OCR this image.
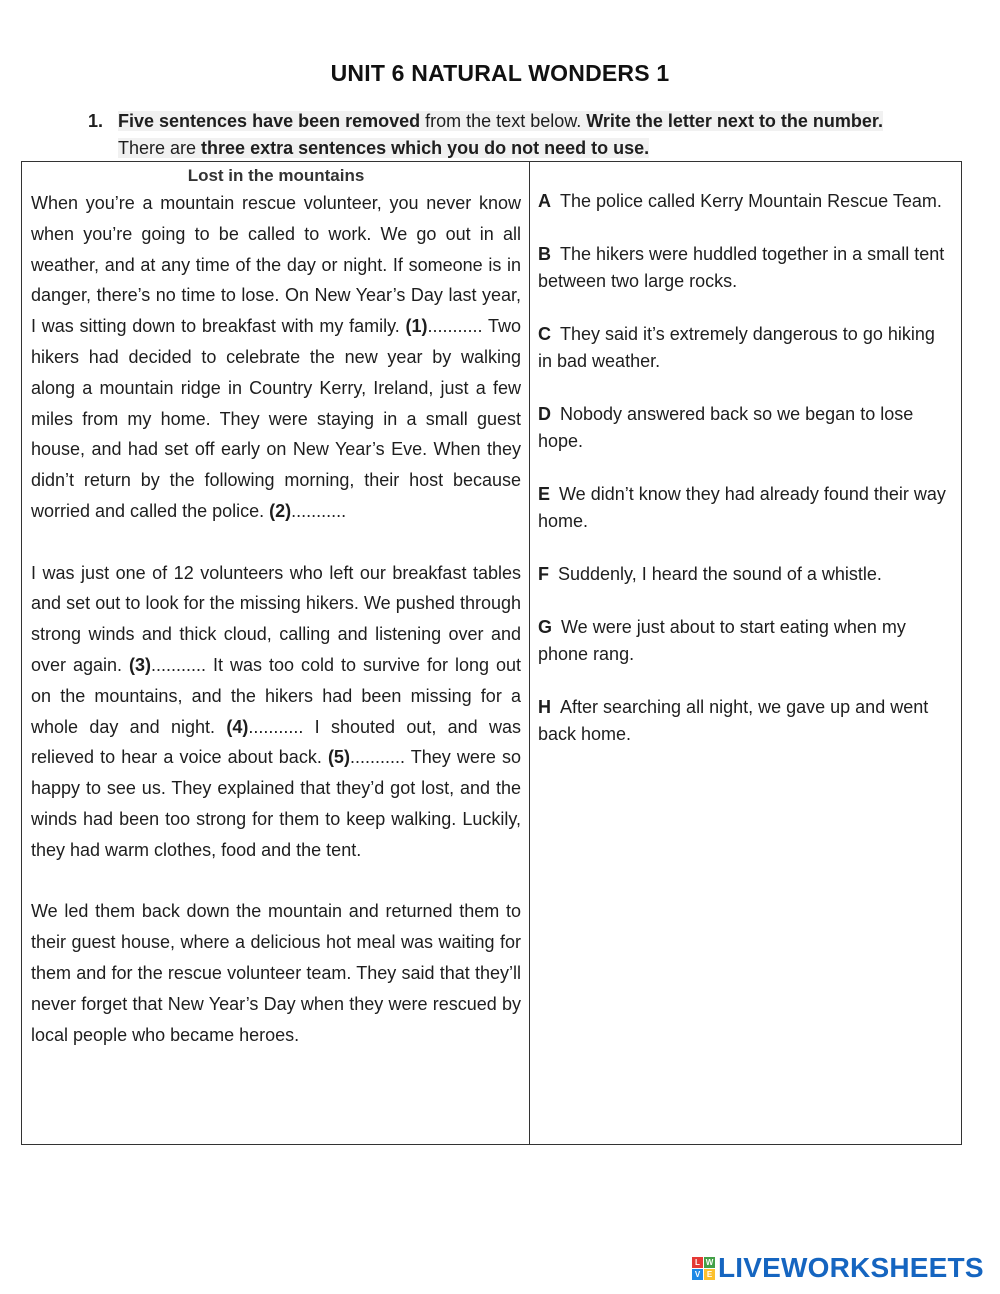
UNIT 6 NATURAL WONDERS 1
1. Five sentences have been removed from the text below. Write the letter next to the number.
There are three extra sentences which you do not need to use.
Lost in the mountains

When you’re a mountain rescue volunteer, you never know when you’re going to be called to work. We go out in all weather, and at any time of the day or night. If someone is in danger, there’s no time to lose. On New Year’s Day last year, I was sitting down to breakfast with my family. (1)........... Two hikers had decided to celebrate the new year by walking along a mountain ridge in Country Kerry, Ireland, just a few miles from my home. They were staying in a small guest house, and had set off early on New Year’s Eve. When they didn’t return by the following morning, their host because worried and called the police. (2)...........

I was just one of 12 volunteers who left our breakfast tables and set out to look for the missing hikers. We pushed through strong winds and thick cloud, calling and listening over and over again. (3)........... It was too cold to survive for long out on the mountains, and the hikers had been missing for a whole day and night. (4)........... I shouted out, and was relieved to hear a voice about back. (5)........... They were so happy to see us. They explained that they’d got lost, and the winds had been too strong for them to keep walking. Luckily, they had warm clothes, food and the tent.

We led them back down the mountain and returned them to their guest house, where a delicious hot meal was waiting for them and for the rescue volunteer team. They said that they’ll never forget that New Year’s Day when they were rescued by local people who became heroes.

A The police called Kerry Mountain Rescue Team.

B The hikers were huddled together in a small tent between two large rocks.

C They said it’s extremely dangerous to go hiking in bad weather.

D Nobody answered back so we began to lose hope.

E We didn’t know they had already found their way home.

F Suddenly, I heard the sound of a whistle.

G We were just about to start eating when my phone rang.

H After searching all night, we gave up and went back home.

L W
V E LIVEWORKSHEETS
